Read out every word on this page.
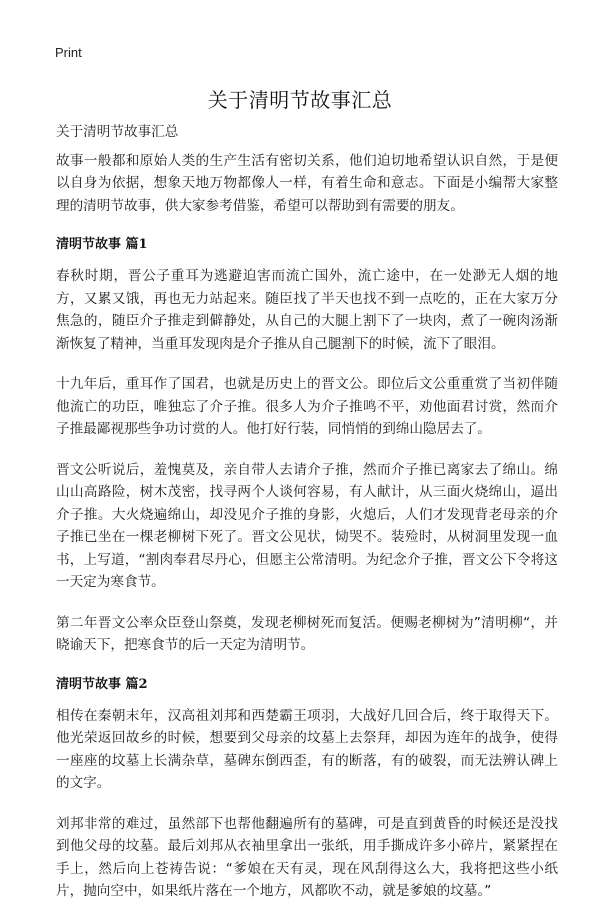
Print
关于清明节故事汇总

关于清明节故事汇总

故事一般都和原始人类的生产生活有密切关系，他们迫切地希望认识自然，于是便以自身为依据，想象天地万物都像人一样，有着生命和意志。下面是小编帮大家整理的清明节故事，供大家参考借鉴，希望可以帮助到有需要的朋友。

清明节故事 篇1

春秋时期，晋公子重耳为逃避迫害而流亡国外，流亡途中，在一处渺无人烟的地方，又累又饿，再也无力站起来。随臣找了半天也找不到一点吃的，正在大家万分焦急的，随臣介子推走到僻静处，从自己的大腿上割下了一块肉，煮了一碗肉汤渐渐恢复了精神，当重耳发现肉是介子推从自己腿割下的时候，流下了眼泪。

十九年后，重耳作了国君，也就是历史上的晋文公。即位后文公重重赏了当初伴随他流亡的功臣，唯独忘了介子推。很多人为介子推鸣不平，劝他面君讨赏，然而介子推最鄙视那些争功讨赏的人。他打好行装，同悄悄的到绵山隐居去了。

晋文公听说后，羞愧莫及，亲自带人去请介子推，然而介子推已离家去了绵山。绵山山高路险，树木茂密，找寻两个人谈何容易，有人献计，从三面火烧绵山，逼出介子推。大火烧遍绵山，却没见介子推的身影，火熄后，人们才发现背老母亲的介子推已坐在一棵老柳树下死了。晋文公见状，恸哭不。装殓时，从树洞里发现一血书，上写道，“割肉奉君尽丹心，但愿主公常清明。为纪念介子推，晋文公下令将这一天定为寒食节。

第二年晋文公率众臣登山祭奠，发现老柳树死而复活。便赐老柳树为”清明柳“，并晓谕天下，把寒食节的后一天定为清明节。

清明节故事 篇2

相传在秦朝末年，汉高祖刘邦和西楚霸王项羽，大战好几回合后，终于取得天下。他光荣返回故乡的时候，想要到父母亲的坟墓上去祭拜，却因为连年的战争，使得一座座的坟墓上长满杂草，墓碑东倒西歪，有的断落，有的破裂，而无法辨认碑上的文字。

刘邦非常的难过，虽然部下也帮他翻遍所有的墓碑，可是直到黄昏的时候还是没找到他父母的坟墓。最后刘邦从衣袖里拿出一张纸，用手撕成许多小碎片，紧紧捏在手上，然后向上苍祷告说：“爹娘在天有灵，现在风刮得这么大，我将把这些小纸片，抛向空中，如果纸片落在一个地方，风都吹不动，就是爹娘的坟墓。”
